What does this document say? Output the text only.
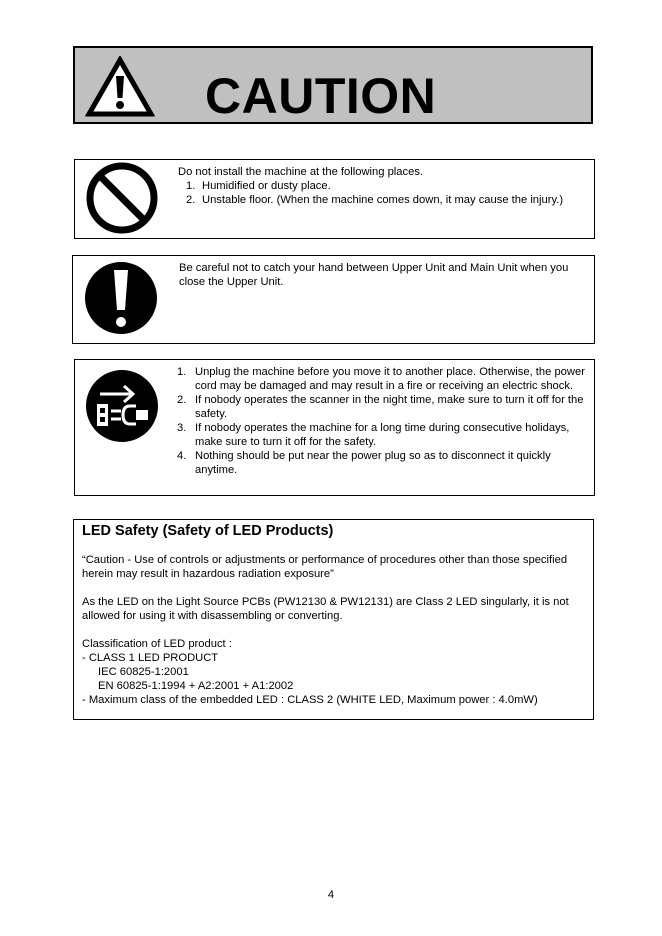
CAUTION
Do not install the machine at the following places.
1. Humidified or dusty place.
2. Unstable floor. (When the machine comes down, it may cause the injury.)
Be careful not to catch your hand between Upper Unit and Main Unit when you close the Upper Unit.
1. Unplug the machine before you move it to another place. Otherwise, the power cord may be damaged and may result in a fire or receiving an electric shock.
2. If nobody operates the scanner in the night time, make sure to turn it off for the safety.
3. If nobody operates the machine for a long time during consecutive holidays, make sure to turn it off for the safety.
4. Nothing should be put near the power plug so as to disconnect it quickly anytime.
LED Safety (Safety of LED Products)
“Caution - Use of controls or adjustments or performance of procedures other than those specified herein may result in hazardous radiation exposure”
As the LED on the Light Source PCBs (PW12130 & PW12131) are Class 2 LED singularly, it is not allowed for using it with disassembling or converting.
Classification of LED product :
- CLASS 1 LED PRODUCT
IEC 60825-1:2001
EN 60825-1:1994 + A2:2001 + A1:2002
- Maximum class of the embedded LED : CLASS 2 (WHITE LED, Maximum power : 4.0mW)
4
